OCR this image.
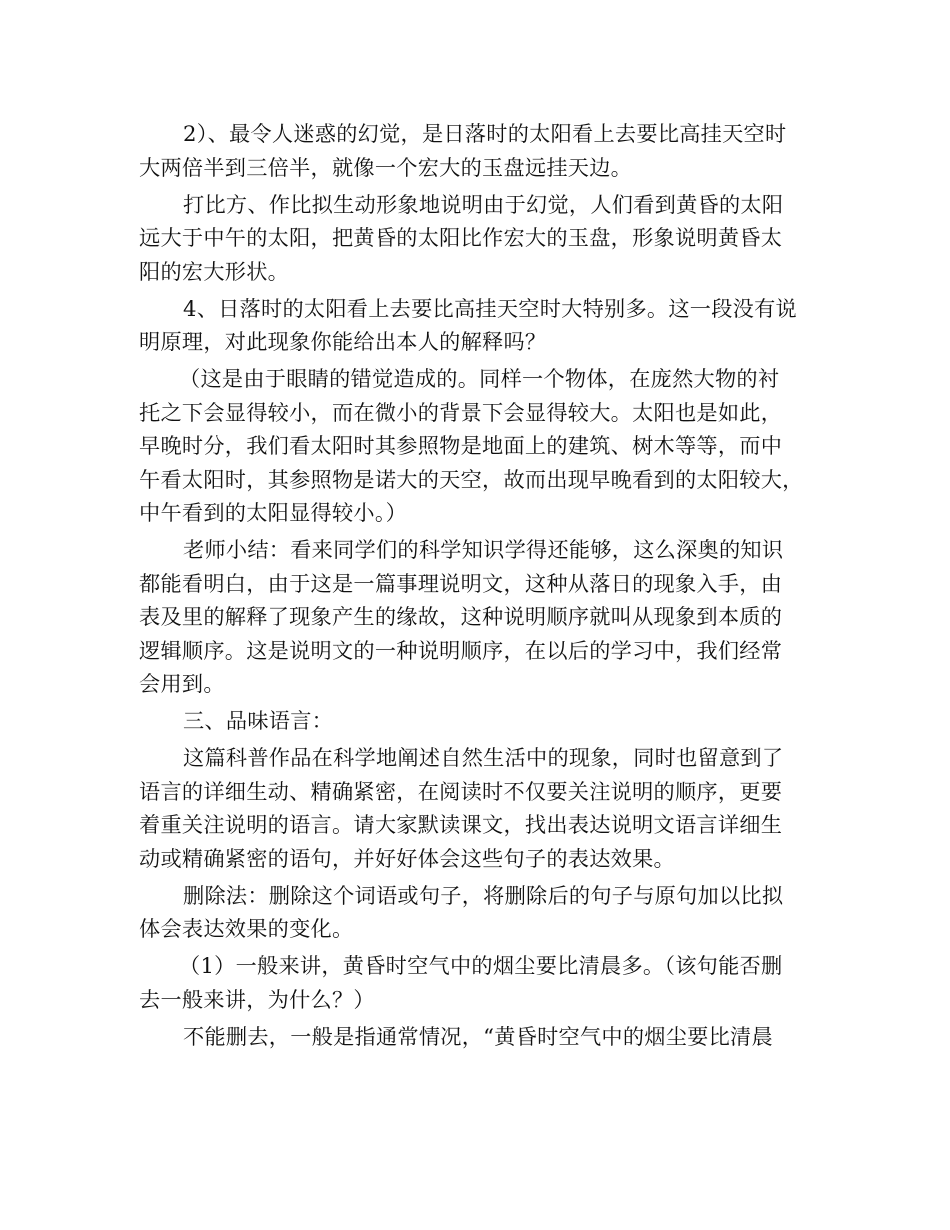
2）、最令人迷惑的幻觉，是日落时的太阳看上去要比高挂天空时
大两倍半到三倍半，就像一个宏大的玉盘远挂天边。
打比方、作比拟生动形象地说明由于幻觉，人们看到黄昏的太阳
远大于中午的太阳，把黄昏的太阳比作宏大的玉盘，形象说明黄昏太
阳的宏大形状。
4、日落时的太阳看上去要比高挂天空时大特别多。这一段没有说
明原理，对此现象你能给出本人的解释吗？
（这是由于眼睛的错觉造成的。同样一个物体，在庞然大物的衬
托之下会显得较小，而在微小的背景下会显得较大。太阳也是如此，
早晚时分，我们看太阳时其参照物是地面上的建筑、树木等等，而中
午看太阳时，其参照物是诺大的天空，故而出现早晚看到的太阳较大，
中午看到的太阳显得较小。）
老师小结：看来同学们的科学知识学得还能够，这么深奥的知识
都能看明白，由于这是一篇事理说明文，这种从落日的现象入手，由
表及里的解释了现象产生的缘故，这种说明顺序就叫从现象到本质的
逻辑顺序。这是说明文的一种说明顺序，在以后的学习中，我们经常
会用到。
三、品味语言：
这篇科普作品在科学地阐述自然生活中的现象，同时也留意到了
语言的详细生动、精确紧密，在阅读时不仅要关注说明的顺序，更要
着重关注说明的语言。请大家默读课文，找出表达说明文语言详细生
动或精确紧密的语句，并好好体会这些句子的表达效果。
删除法：删除这个词语或句子，将删除后的句子与原句加以比拟
体会表达效果的变化。
（1）一般来讲，黄昏时空气中的烟尘要比清晨多。（该句能否删
去一般来讲，为什么？）
不能删去，一般是指通常情况，“黄昏时空气中的烟尘要比清晨
